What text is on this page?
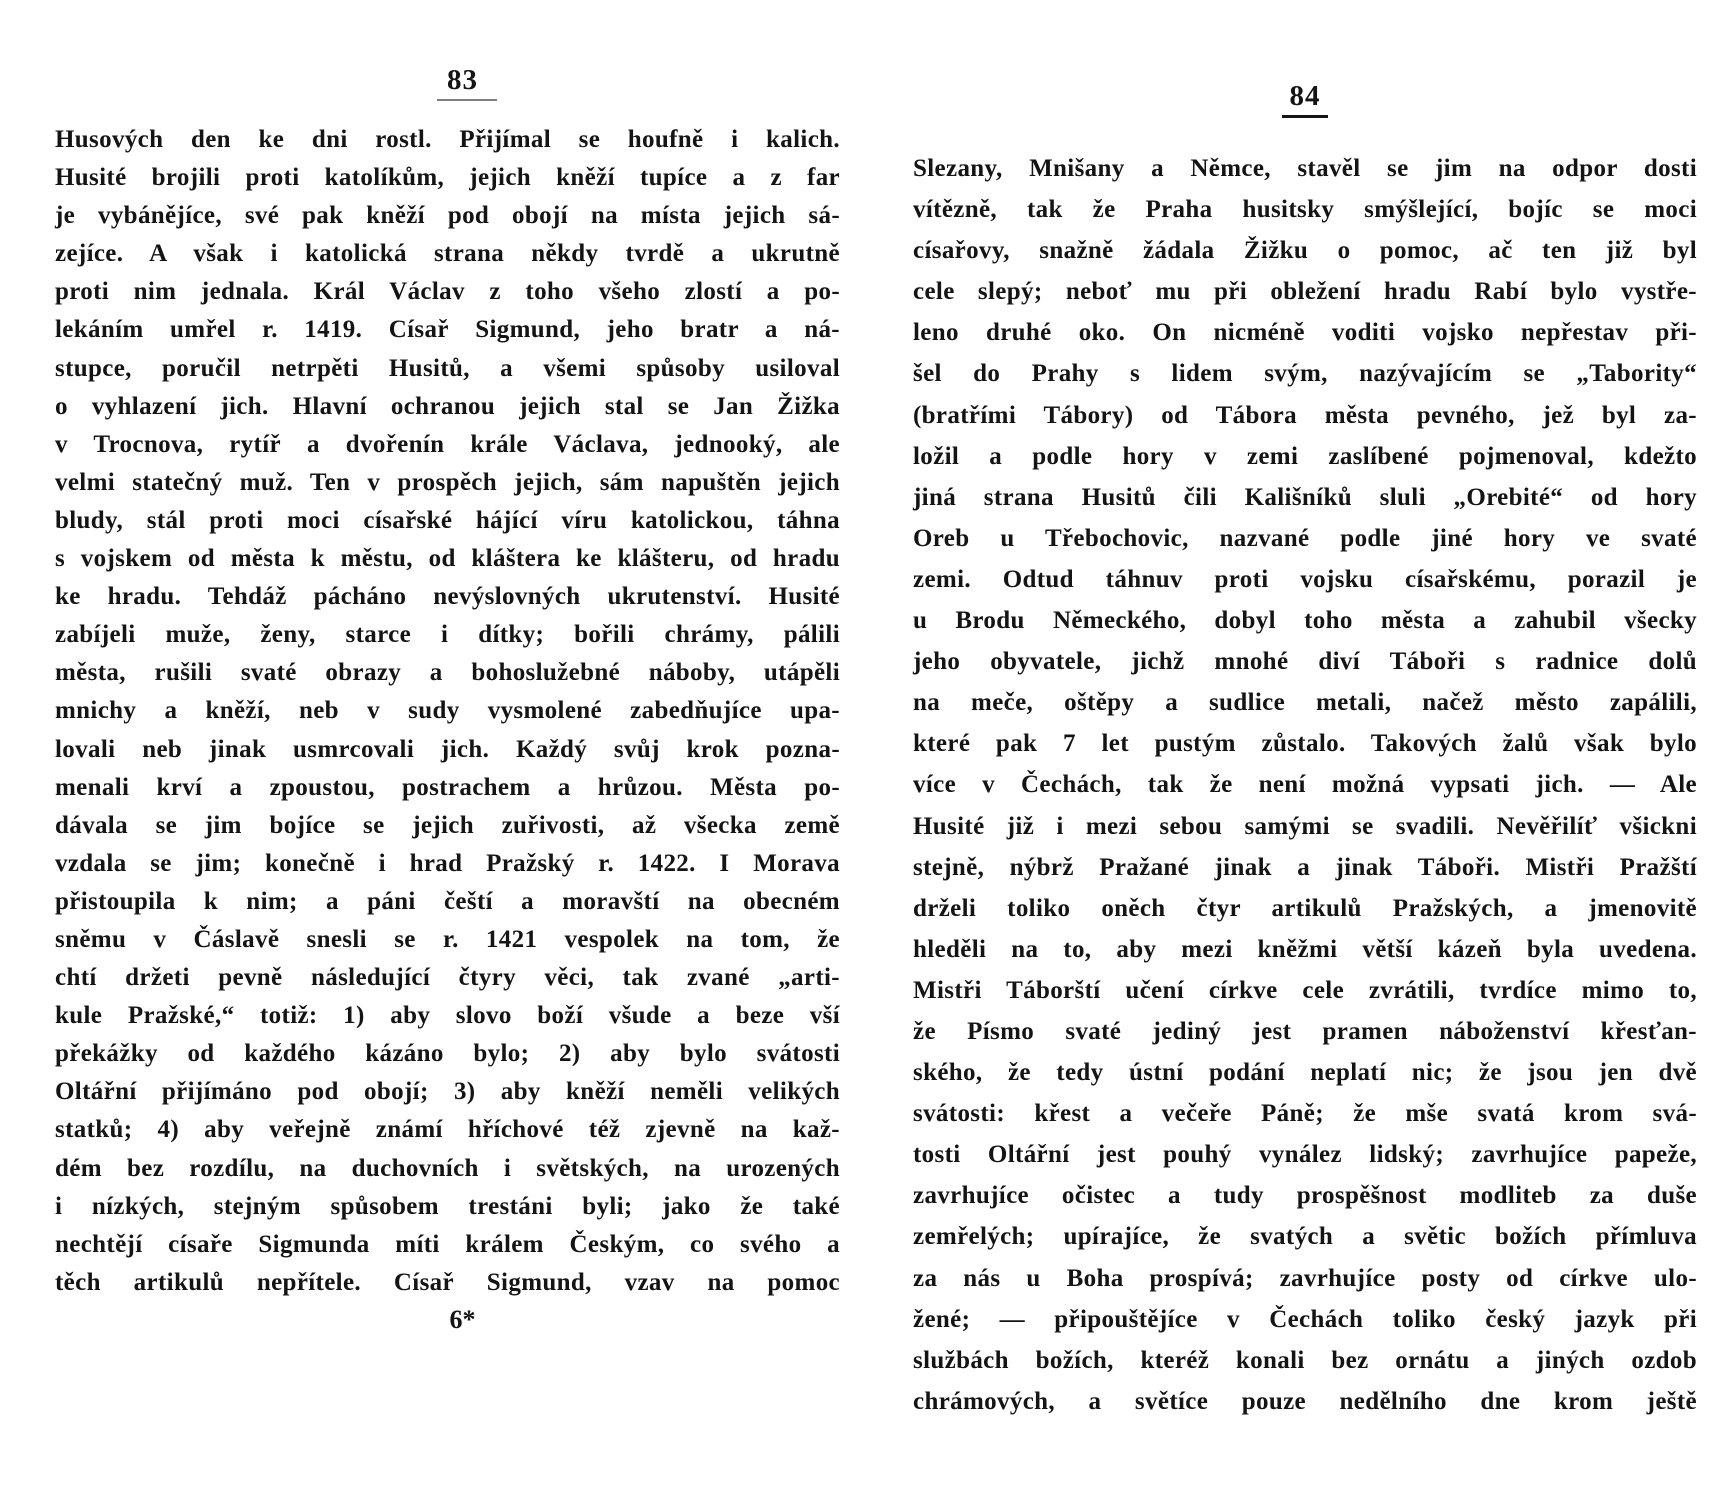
83
Husových den ke dni rostl. Přijímal se houfně i kalich.
Husité brojili proti katolíkům, jejich kněží tupíce a z far
je vybánějíce, své pak kněží pod obojí na místa jejich sá-
zejíce. A však i katolická strana někdy tvrdě a ukrutně
proti nim jednala. Král Václav z toho všeho zlostí a po-
lekáním umřel r. 1419. Císař Sigmund, jeho bratr a ná-
stupce, poručil netrpěti Husitů, a všemi spůsoby usiloval
o vyhlazení jich. Hlavní ochranou jejich stal se Jan Žižka
v Trocnova, rytíř a dvořenín krále Václava, jednooký, ale
velmi statečný muž. Ten v prospěch jejich, sám napuštěn jejich
bludy, stál proti moci císařské hájící víru katolickou, táhna
s vojskem od města k městu, od kláštera ke klášteru, od hradu
ke hradu. Tehdáž pácháno nevýslovných ukrutenství. Husité
zabíjeli muže, ženy, starce i dítky; bořili chrámy, pálili
města, rušili svaté obrazy a bohoslužebné náboby, utápěli
mnichy a kněží, neb v sudy vysmolené zabedňujíce upa-
lovali neb jinak usmrcovali jich. Každý svůj krok pozna-
menali krví a zpoustou, postrachem a hrůzou. Města po-
dávala se jim bojíce se jejich zuřivosti, až všecka země
vzdala se jim; konečně i hrad Pražský r. 1422. I Morava
přistoupila k nim; a páni čeští a moravští na obecném
sněmu v Čáslavě snesli se r. 1421 vespolek na tom, že
chtí držeti pevně následující čtyry věci, tak zvané „arti-
kule Pražské,“ totiž: 1) aby slovo boží všude a beze vší
překážky od každého kázáno bylo; 2) aby bylo svátosti
Oltářní přijímáno pod obojí; 3) aby kněží neměli velikých
statků; 4) aby veřejně známí hříchové též zjevně na kaž-
dém bez rozdílu, na duchovních i světských, na urozených
i nízkých, stejným spůsobem trestáni byli; jako že také
nechtějí císaře Sigmunda míti králem Českým, co svého a
těch artikulů nepřítele. Císař Sigmund, vzav na pomoc
6*
84
Slezany, Mnišany a Němce, stavěl se jim na odpor dosti
vítězně, tak že Praha husitsky smýšlející, bojíc se moci
císařovy, snažně žádala Žižku o pomoc, ač ten již byl
cele slepý; neboť mu při obležení hradu Rabí bylo vystře-
leno druhé oko. On nicméně voditi vojsko nepřestav při-
šel do Prahy s lidem svým, nazývajícím se „Tabority“
(bratřími Tábory) od Tábora města pevného, jež byl za-
ložil a podle hory v zemi zaslíbené pojmenoval, kdežto
jiná strana Husitů čili Kališníků sluli „Orebité“ od hory
Oreb u Třebochovic, nazvané podle jiné hory ve svaté
zemi. Odtud táhnuv proti vojsku císařskému, porazil je
u Brodu Německého, dobyl toho města a zahubil všecky
jeho obyvatele, jichž mnohé diví Táboři s radnice dolů
na meče, oštěpy a sudlice metali, načež město zapálili,
které pak 7 let pustým zůstalo. Takových žalů však bylo
více v Čechách, tak že není možná vypsati jich. — Ale
Husité již i mezi sebou samými se svadili. Nevěřilíť všickni
stejně, nýbrž Pražané jinak a jinak Táboři. Mistři Pražští
drželi toliko oněch čtyr artikulů Pražských, a jmenovitě
hleděli na to, aby mezi kněžmi větší kázeň byla uvedena.
Mistři Táborští učení církve cele zvrátili, tvrdíce mimo to,
že Písmo svaté jediný jest pramen náboženství křesťan-
ského, že tedy ústní podání neplatí nic; že jsou jen dvě
svátosti: křest a večeře Páně; že mše svatá krom svá-
tosti Oltářní jest pouhý vynález lidský; zavrhujíce papeže,
zavrhujíce očistec a tudy prospěšnost modliteb za duše
zemřelých; upírajíce, že svatých a světic božích přímluva
za nás u Boha prospívá; zavrhujíce posty od církve ulo-
žené; — připouštějíce v Čechách toliko český jazyk při
službách božích, kteréž konali bez ornátu a jiných ozdob
chrámových, a světíce pouze nedělního dne krom ještě
